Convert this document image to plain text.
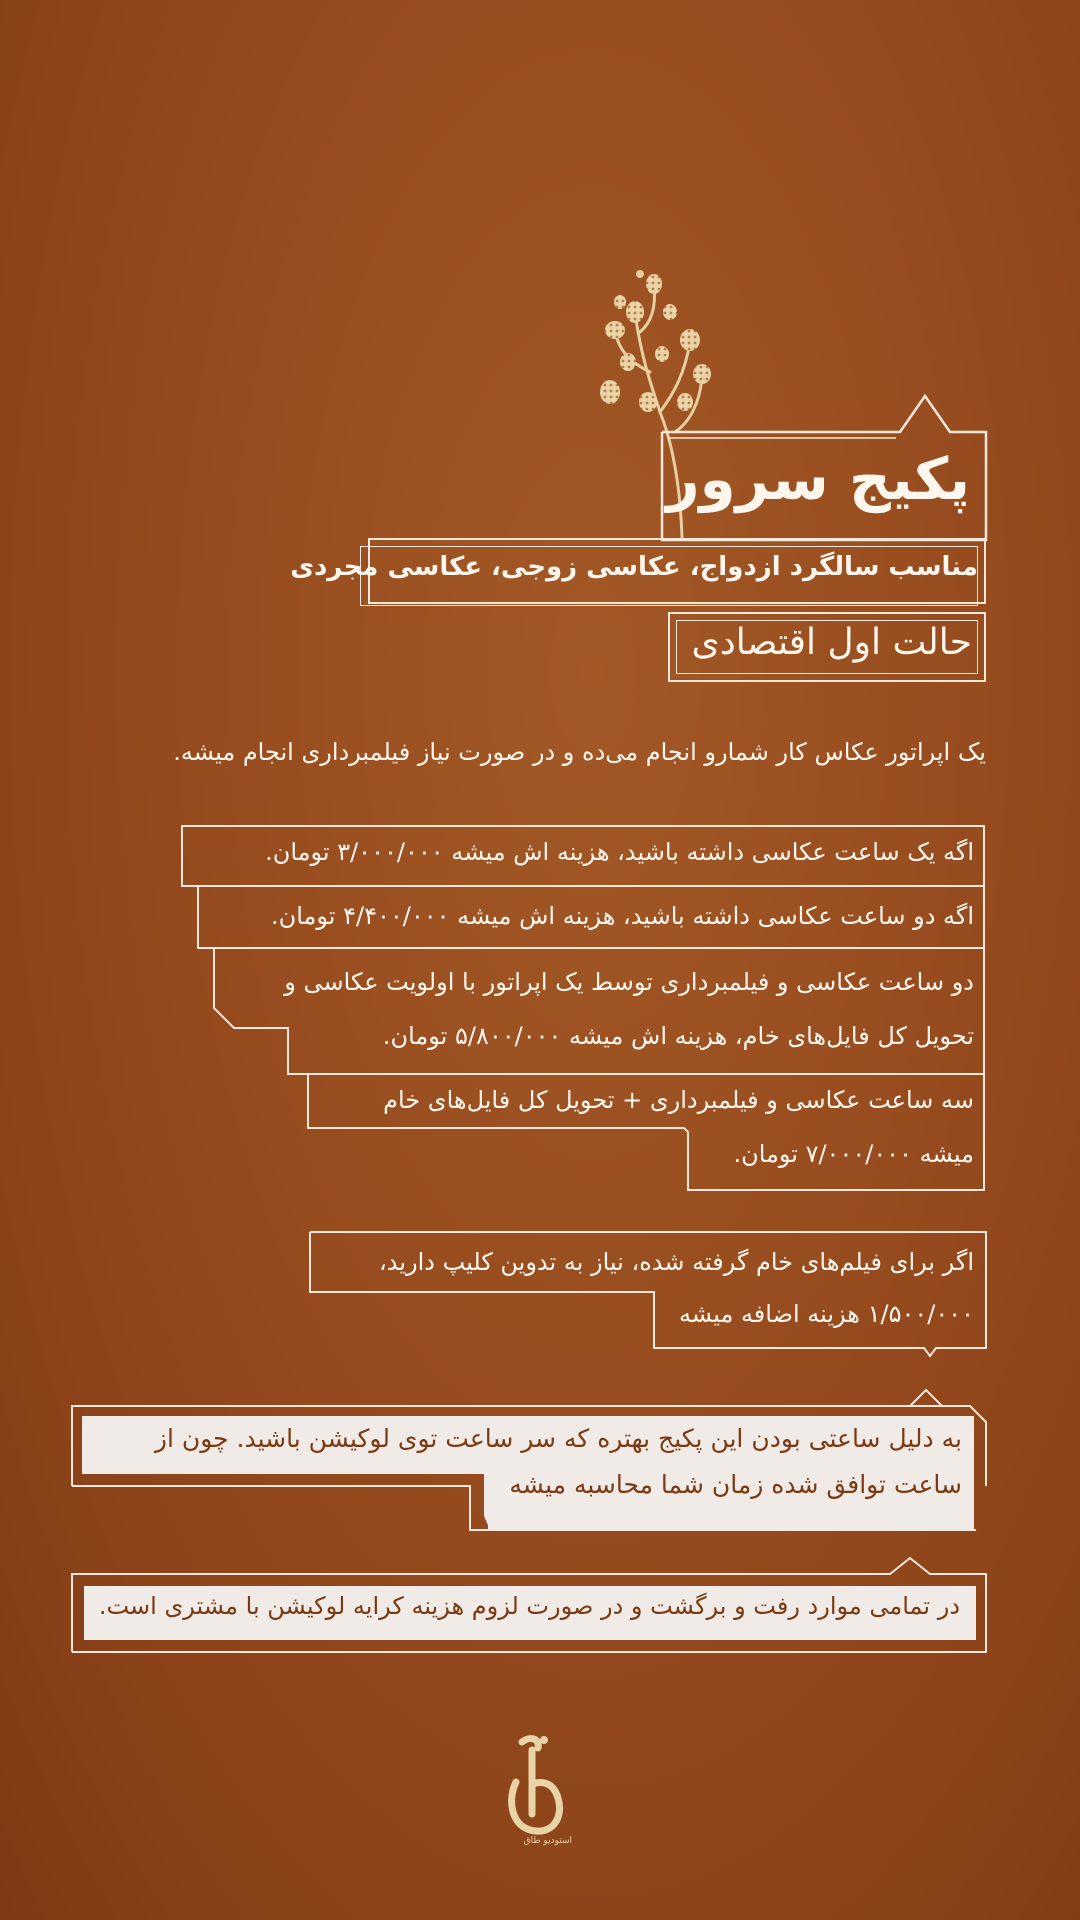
پکیج سرور
مناسب سالگرد ازدواج، عکاسی زوجی، عکاسی مجردی
حالت اول اقتصادی
یک اپراتور عکاس کار شمارو انجام می‌ده و در صورت نیاز فیلمبرداری انجام میشه.
اگه یک ساعت عکاسی داشته باشید، هزینه اش میشه ۳/۰۰۰/۰۰۰ تومان.
اگه دو ساعت عکاسی داشته باشید، هزینه اش میشه ۴/۴۰۰/۰۰۰ تومان.
دو ساعت عکاسی و فیلمبرداری توسط یک اپراتور با اولویت عکاسی و
تحویل کل فایل‌های خام، هزینه اش میشه ۵/۸۰۰/۰۰۰ تومان.
سه ساعت عکاسی و فیلمبرداری + تحویل کل فایل‌های خام
میشه ۷/۰۰۰/۰۰۰ تومان.
اگر برای فیلم‌های خام گرفته شده، نیاز به تدوین کلیپ دارید،
۱/۵۰۰/۰۰۰ هزینه اضافه میشه
به دلیل ساعتی بودن این پکیج بهتره که سر ساعت توی لوکیشن باشید. چون از
ساعت توافق شده زمان شما محاسبه میشه
در تمامی موارد رفت و برگشت و در صورت لزوم هزینه کرایه لوکیشن با مشتری است.
استودیو طاق
